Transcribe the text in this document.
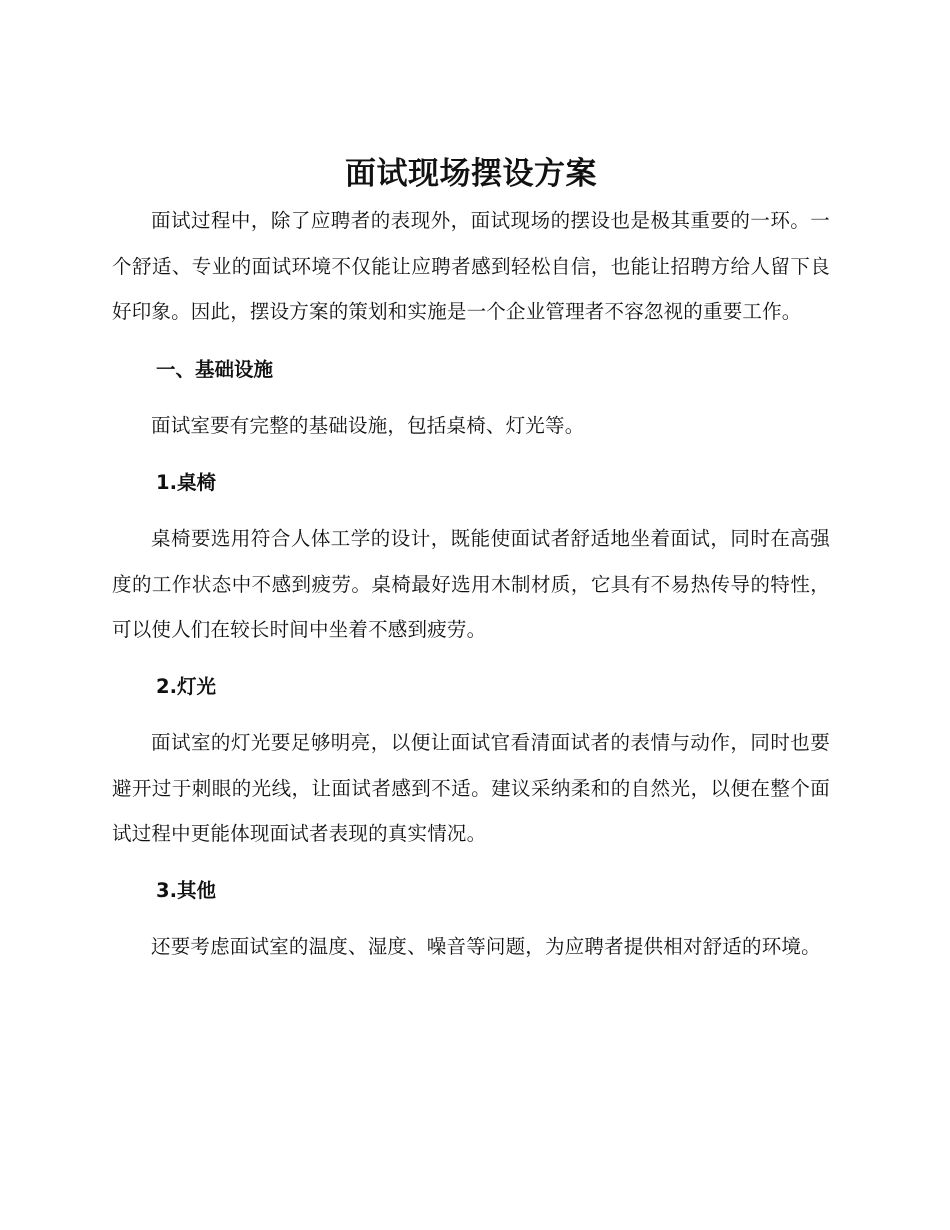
面试现场摆设方案

面试过程中，除了应聘者的表现外，面试现场的摆设也是极其重要的一环。一个舒适、专业的面试环境不仅能让应聘者感到轻松自信，也能让招聘方给人留下良好印象。因此，摆设方案的策划和实施是一个企业管理者不容忽视的重要工作。

一、基础设施

面试室要有完整的基础设施，包括桌椅、灯光等。

1.桌椅

桌椅要选用符合人体工学的设计，既能使面试者舒适地坐着面试，同时在高强度的工作状态中不感到疲劳。桌椅最好选用木制材质，它具有不易热传导的特性，可以使人们在较长时间中坐着不感到疲劳。

2.灯光

面试室的灯光要足够明亮，以便让面试官看清面试者的表情与动作，同时也要避开过于刺眼的光线，让面试者感到不适。建议采纳柔和的自然光，以便在整个面试过程中更能体现面试者表现的真实情况。

3.其他

还要考虑面试室的温度、湿度、噪音等问题，为应聘者提供相对舒适的环境。
